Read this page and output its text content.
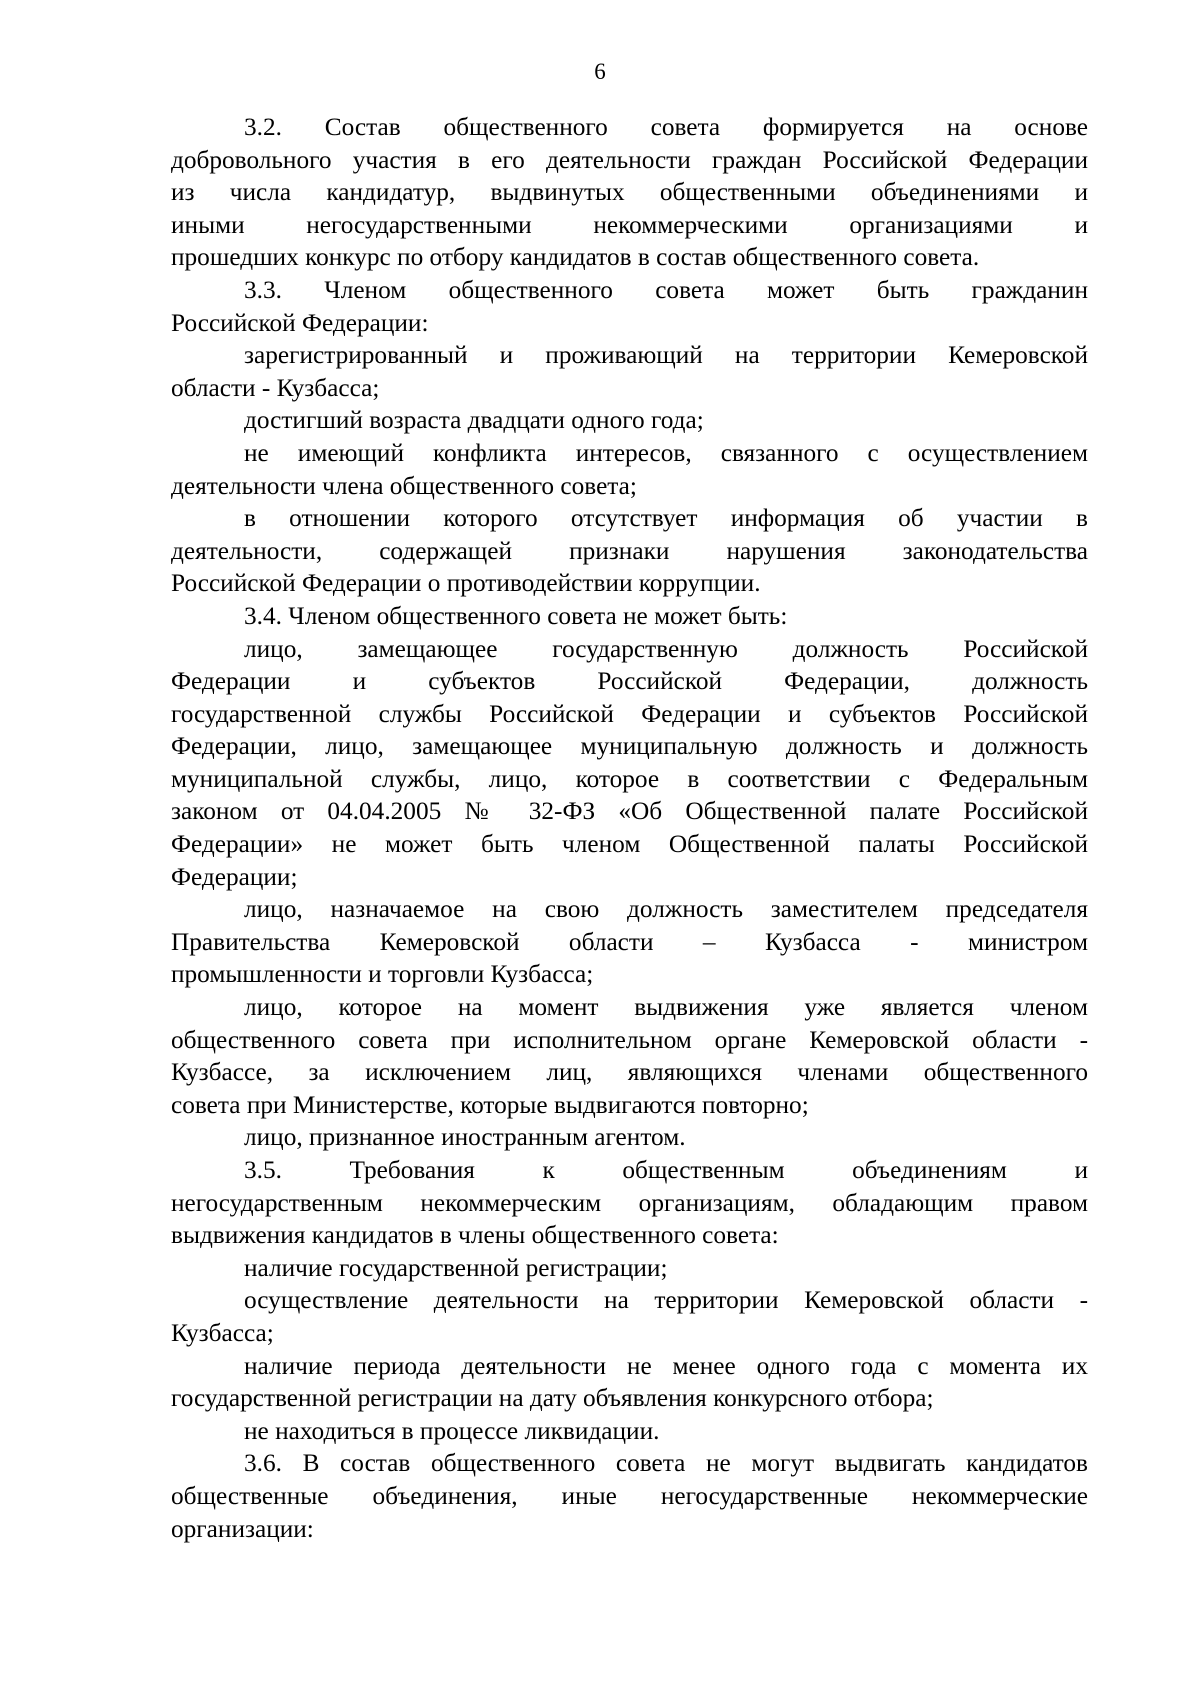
6
3.2. Состав общественного совета формируется на основе
добровольного участия в его деятельности граждан Российской Федерации
из числа кандидатур, выдвинутых общественными объединениями и
иными негосударственными некоммерческими организациями и
прошедших конкурс по отбору кандидатов в состав общественного совета.
3.3. Членом общественного совета может быть гражданин
Российской Федерации:
зарегистрированный и проживающий на территории Кемеровской
области - Кузбасса;
достигший возраста двадцати одного года;
не имеющий конфликта интересов, связанного с осуществлением
деятельности члена общественного совета;
в отношении которого отсутствует информация об участии в
деятельности, содержащей признаки нарушения законодательства
Российской Федерации о противодействии коррупции.
3.4. Членом общественного совета не может быть:
лицо, замещающее государственную должность Российской
Федерации и субъектов Российской Федерации, должность
государственной службы Российской Федерации и субъектов Российской
Федерации, лицо, замещающее муниципальную должность и должность
муниципальной службы, лицо, которое в соответствии с Федеральным
законом от 04.04.2005 № 32-ФЗ «Об Общественной палате Российской
Федерации» не может быть членом Общественной палаты Российской
Федерации;
лицо, назначаемое на свою должность заместителем председателя
Правительства Кемеровской области – Кузбасса - министром
промышленности и торговли Кузбасса;
лицо, которое на момент выдвижения уже является членом
общественного совета при исполнительном органе Кемеровской области -
Кузбассе, за исключением лиц, являющихся членами общественного
совета при Министерстве, которые выдвигаются повторно;
лицо, признанное иностранным агентом.
3.5. Требования к общественным объединениям и
негосударственным некоммерческим организациям, обладающим правом
выдвижения кандидатов в члены общественного совета:
наличие государственной регистрации;
осуществление деятельности на территории Кемеровской области -
Кузбасса;
наличие периода деятельности не менее одного года с момента их
государственной регистрации на дату объявления конкурсного отбора;
не находиться в процессе ликвидации.
3.6. В состав общественного совета не могут выдвигать кандидатов
общественные объединения, иные негосударственные некоммерческие
организации:
